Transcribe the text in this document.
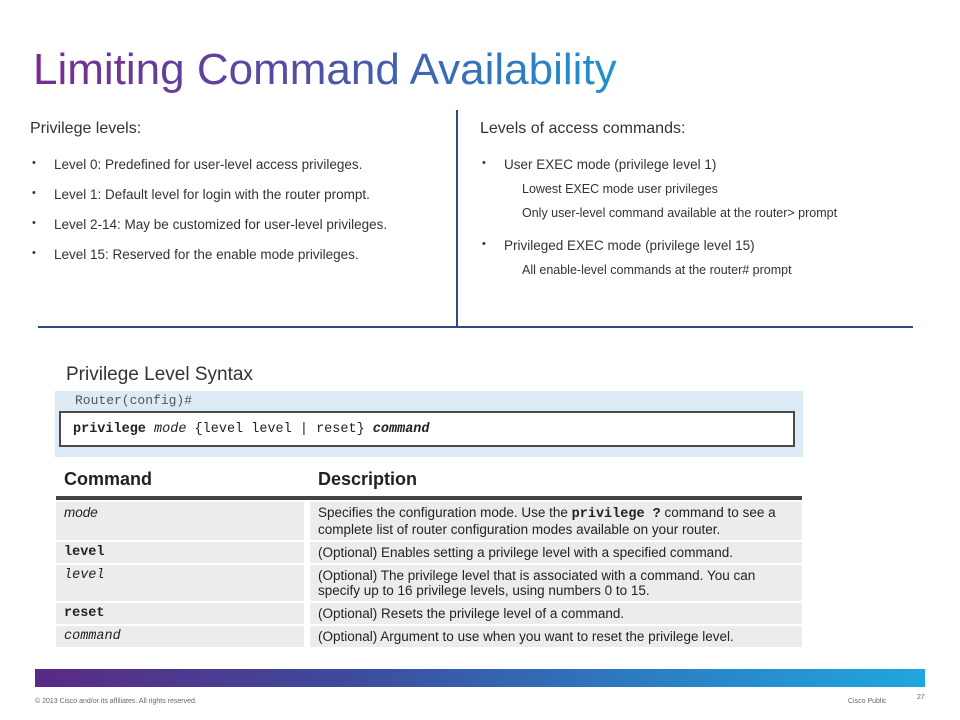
Limiting Command Availability
Privilege levels:
• Level 0: Predefined for user-level access privileges.
• Level 1: Default level for login with the router prompt.
• Level 2-14: May be customized for user-level privileges.
• Level 15: Reserved for the enable mode privileges.
Levels of access commands:
• User EXEC mode (privilege level 1)
Lowest EXEC mode user privileges
Only user-level command available at the router> prompt
• Privileged EXEC mode (privilege level 15)
All enable-level commands at the router# prompt
Privilege Level Syntax
Router(config)#
privilege mode {level level | reset} command
Command	Description
mode	Specifies the configuration mode. Use the privilege ? command to see a complete list of router configuration modes available on your router.
level	(Optional) Enables setting a privilege level with a specified command.
level	(Optional) The privilege level that is associated with a command. You can specify up to 16 privilege levels, using numbers 0 to 15.
reset	(Optional) Resets the privilege level of a command.
command	(Optional) Argument to use when you want to reset the privilege level.
© 2013 Cisco and/or its affiliates. All rights reserved.	Cisco Public
27
